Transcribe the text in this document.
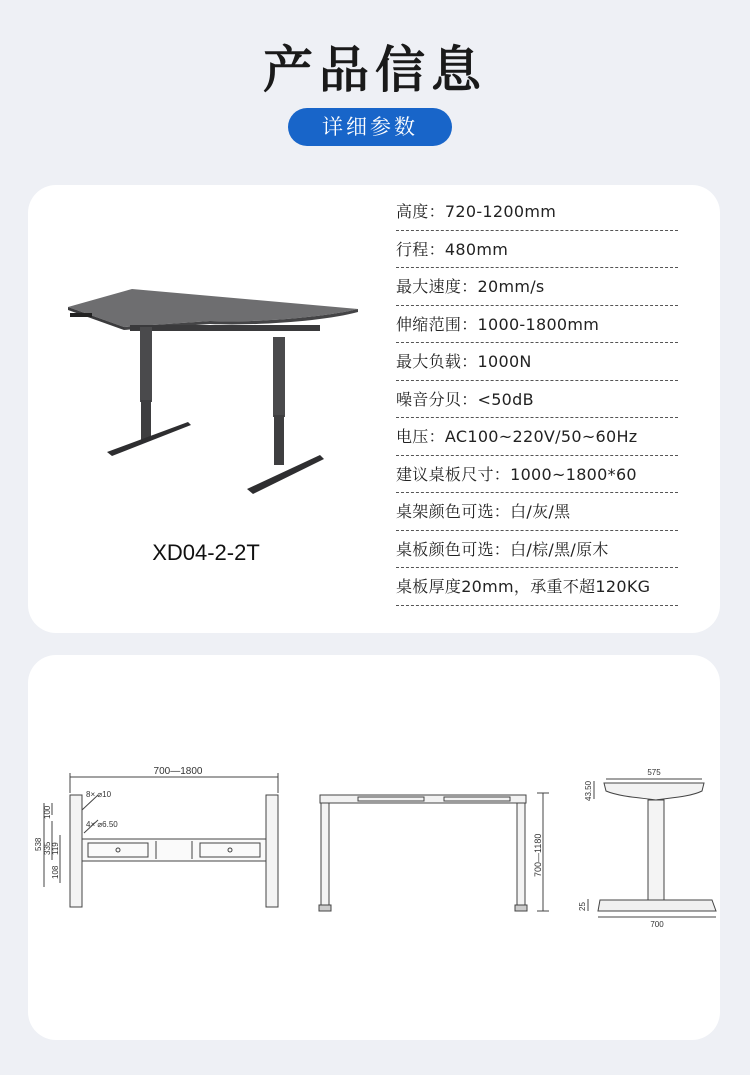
产品信息
详细参数
XD04-2-2T
高度：720-1200mm
行程：480mm
最大速度：20mm/s
伸缩范围：1000-1800mm
最大负载：1000N
噪音分贝：<50dB
电压：AC100~220V/50~60Hz
建议桌板尺寸：1000~1800*60
桌架颜色可选：白/灰/黑
桌板颜色可选：白/棕/黑/原木
桌板厚度20mm，承重不超120KG
700—1800
8× ⌀10
4× ⌀6.50
538
100
335 119
108	700—1180
575
43.50
25
700
